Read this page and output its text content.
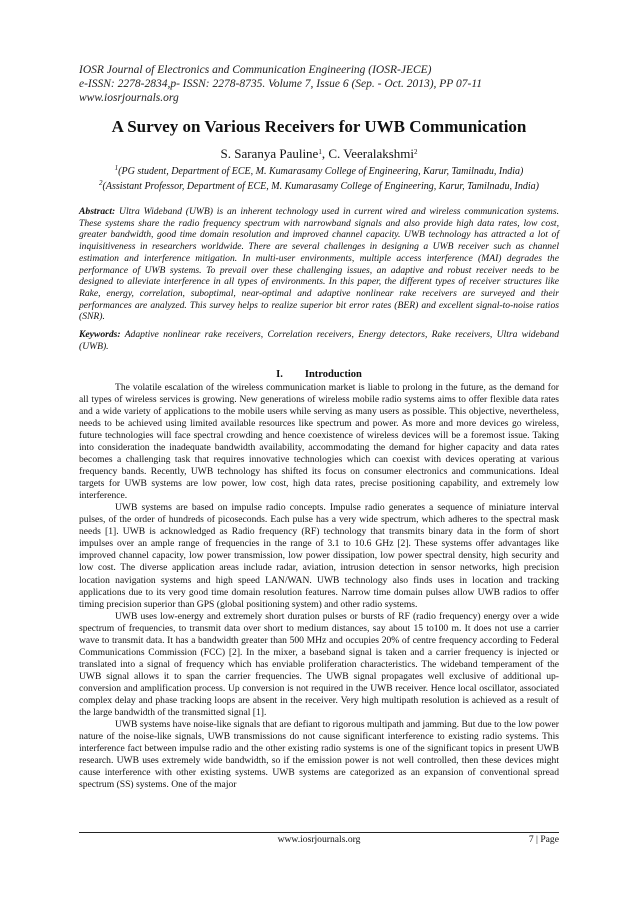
IOSR Journal of Electronics and Communication Engineering (IOSR-JECE)
e-ISSN: 2278-2834,p- ISSN: 2278-8735. Volume 7, Issue 6 (Sep. - Oct. 2013), PP 07-11
www.iosrjournals.org
A Survey on Various Receivers for UWB Communication
S. Saranya Pauline$^1$, C. Veeralakshmi$^2$
$^1$(PG student, Department of ECE, M. Kumarasamy College of Engineering, Karur, Tamilnadu, India)
$^2$(Assistant Professor, Department of ECE, M. Kumarasamy College of Engineering, Karur, Tamilnadu, India)
Abstract: Ultra Wideband (UWB) is an inherent technology used in current wired and wireless communication systems. These systems share the radio frequency spectrum with narrowband signals and also provide high data rates, low cost, greater bandwidth, good time domain resolution and improved channel capacity. UWB technology has attracted a lot of inquisitiveness in researchers worldwide. There are several challenges in designing a UWB receiver such as channel estimation and interference mitigation. In multi-user environments, multiple access interference (MAI) degrades the performance of UWB systems. To prevail over these challenging issues, an adaptive and robust receiver needs to be designed to alleviate interference in all types of environments. In this paper, the different types of receiver structures like Rake, energy, correlation, suboptimal, near-optimal and adaptive nonlinear rake receivers are surveyed and their performances are analyzed. This survey helps to realize superior bit error rates (BER) and excellent signal-to-noise ratios (SNR).
Keywords: Adaptive nonlinear rake receivers, Correlation receivers, Energy detectors, Rake receivers, Ultra wideband (UWB).
I. Introduction

The volatile escalation of the wireless communication market is liable to prolong in the future, as the demand for all types of wireless services is growing. New generations of wireless mobile radio systems aims to offer flexible data rates and a wide variety of applications to the mobile users while serving as many users as possible. This objective, nevertheless, needs to be achieved using limited available resources like spectrum and power. As more and more devices go wireless, future technologies will face spectral crowding and hence coexistence of wireless devices will be a foremost issue. Taking into consideration the inadequate bandwidth availability, accommodating the demand for higher capacity and data rates becomes a challenging task that requires innovative technologies which can coexist with devices operating at various frequency bands. Recently, UWB technology has shifted its focus on consumer electronics and communications. Ideal targets for UWB systems are low power, low cost, high data rates, precise positioning capability, and extremely low interference.

UWB systems are based on impulse radio concepts. Impulse radio generates a sequence of miniature interval pulses, of the order of hundreds of picoseconds. Each pulse has a very wide spectrum, which adheres to the spectral mask needs [1]. UWB is acknowledged as Radio frequency (RF) technology that transmits binary data in the form of short impulses over an ample range of frequencies in the range of 3.1 to 10.6 GHz [2]. These systems offer advantages like improved channel capacity, low power transmission, low power dissipation, low power spectral density, high security and low cost. The diverse application areas include radar, aviation, intrusion detection in sensor networks, high precision location navigation systems and high speed LAN/WAN. UWB technology also finds uses in location and tracking applications due to its very good time domain resolution features. Narrow time domain pulses allow UWB radios to offer timing precision superior than GPS (global positioning system) and other radio systems.

UWB uses low-energy and extremely short duration pulses or bursts of RF (radio frequency) energy over a wide spectrum of frequencies, to transmit data over short to medium distances, say about 15 to100 m. It does not use a carrier wave to transmit data. It has a bandwidth greater than 500 MHz and occupies 20% of centre frequency according to Federal Communications Commission (FCC) [2]. In the mixer, a baseband signal is taken and a carrier frequency is injected or translated into a signal of frequency which has enviable proliferation characteristics. The wideband temperament of the UWB signal allows it to span the carrier frequencies. The UWB signal propagates well exclusive of additional up-conversion and amplification process. Up conversion is not required in the UWB receiver. Hence local oscillator, associated complex delay and phase tracking loops are absent in the receiver. Very high multipath resolution is achieved as a result of the large bandwidth of the transmitted signal [1].

UWB systems have noise-like signals that are defiant to rigorous multipath and jamming. But due to the low power nature of the noise-like signals, UWB transmissions do not cause significant interference to existing radio systems. This interference fact between impulse radio and the other existing radio systems is one of the significant topics in present UWB research. UWB uses extremely wide bandwidth, so if the emission power is not well controlled, then these devices might cause interference with other existing systems. UWB systems are categorized as an expansion of conventional spread spectrum (SS) systems. One of the major

www.iosrjournals.org	7 | Page
